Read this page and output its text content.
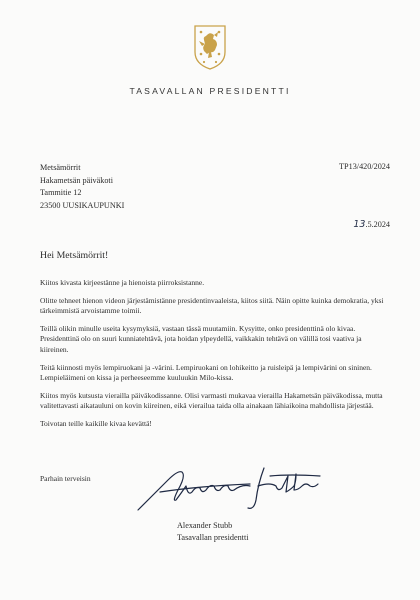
TASAVALLAN PRESIDENTTI
Metsämörrit
Hakametsän päiväkoti
Tammitie 12
23500 UUSIKAUPUNKI
TP13/420/2024
13.5.2024
Hei Metsämörrit!

Kiitos kivasta kirjeestänne ja hienoista piirroksistanne.

Olitte tehneet hienon videon järjestämistänne presidentinvaaleista, kiitos siitä. Näin opitte kuinka demokratia, yksi tärkeimmistä arvoistamme toimii.

Teillä olikin minulle useita kysymyksiä, vastaan tässä muutamiin. Kysyitte, onko presidenttinä olo kivaa. Presidenttinä olo on suuri kunniatehtävä, jota hoidan ylpeydellä, vaikkakin tehtävä on välillä tosi vaativa ja kiireinen.

Teitä kiinnosti myös lempiruokani ja -värini. Lempiruokani on lohikeitto ja ruisleipä ja lempivärini on sininen. Lempieläimeni on kissa ja perheeseemme kuuluukin Milo-kissa.

Kiitos myös kutsusta vierailla päiväkodissanne. Olisi varmasti mukavaa vierailla Hakametsän päiväkodissa, mutta valitettavasti aikatauluni on kovin kiireinen, eikä vierailua taida olla ainakaan lähiaikoina mahdollista järjestää.

Toivotan teille kaikille kivaa kevättä!

Parhain terveisin
Alexander Stubb
Tasavallan presidentti
